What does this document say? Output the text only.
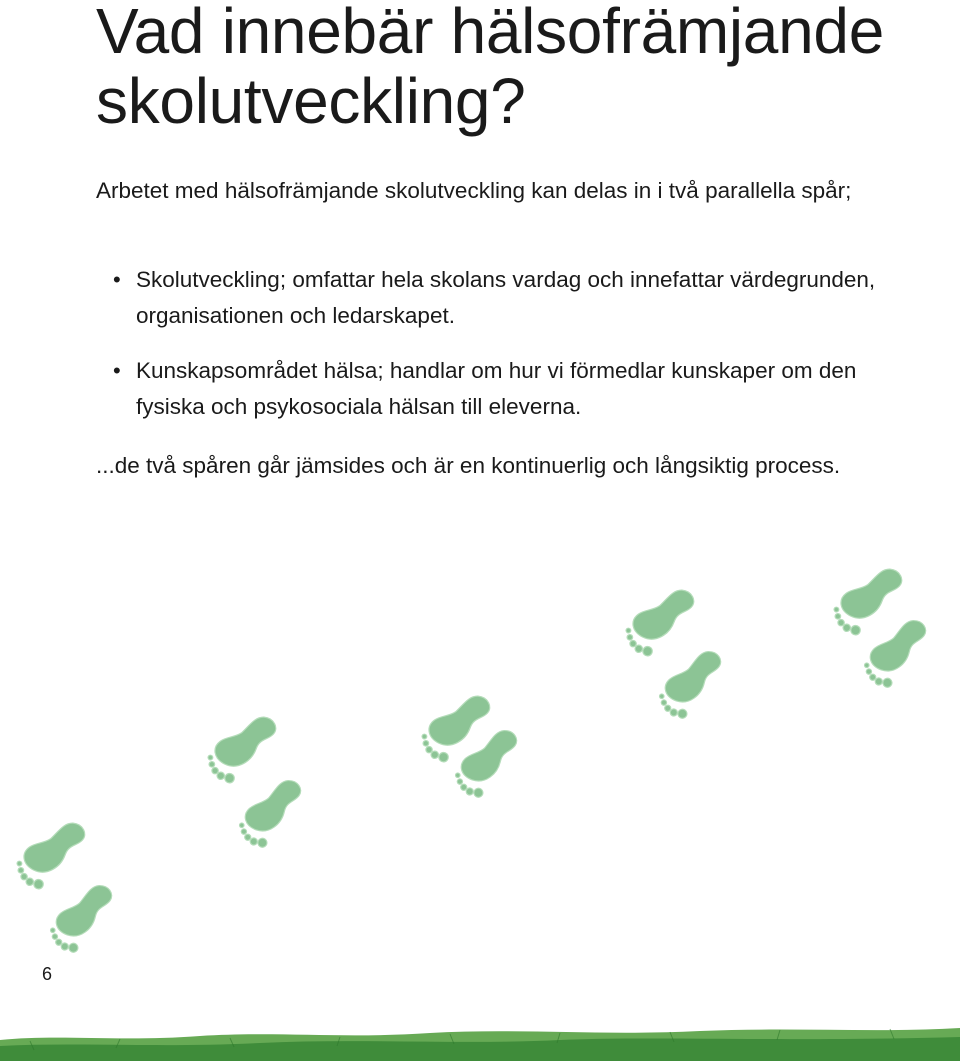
Vad innebär hälsofrämjande skolutveckling?

Arbetet med hälsofrämjande skolutveckling kan delas in i två parallella spår;

• Skolutveckling; omfattar hela skolans vardag och innefattar värdegrunden, organisationen och ledarskapet.
• Kunskapsområdet hälsa; handlar om hur vi förmedlar kunskaper om den fysiska och psykosociala hälsan till eleverna.

...de två spåren går jämsides och är en kontinuerlig och långsiktig process.

6
